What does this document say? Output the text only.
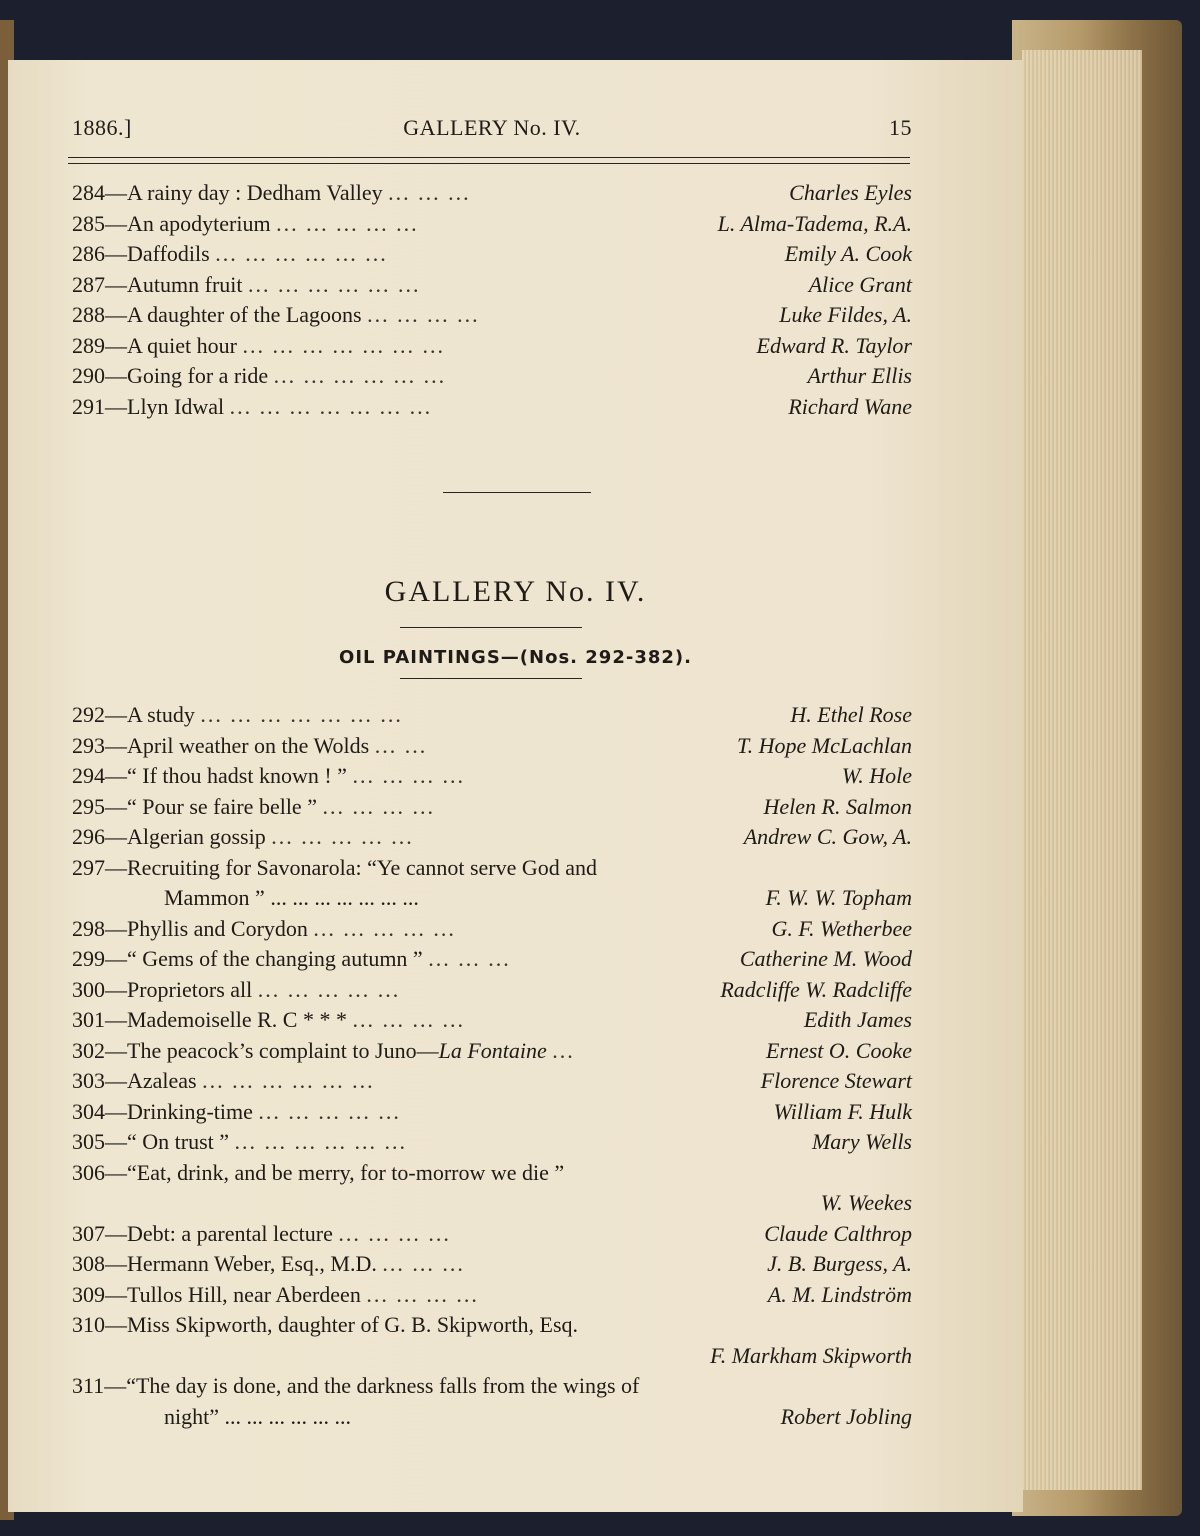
1886.]	GALLERY No. IV.	15
284—A rainy day : Dedham Valley ... ... ...	Charles Eyles
285—An apodyterium ... ... ... ... ...	L. Alma-Tadema, R.A.
286—Daffodils ... ... ... ... ... ...	Emily A. Cook
287—Autumn fruit ... ... ... ... ... ...	Alice Grant
288—A daughter of the Lagoons ... ... ... ...	Luke Fildes, A.
289—A quiet hour ... ... ... ... ... ... ...	Edward R. Taylor
290—Going for a ride ... ... ... ... ... ...	Arthur Ellis
291—Llyn Idwal ... ... ... ... ... ... ...	Richard Wane
GALLERY No. IV.
OIL PAINTINGS—(Nos. 292-382).
292—A study ... ... ... ... ... ... ...	H. Ethel Rose
293—April weather on the Wolds ... ...	T. Hope McLachlan
294—“ If thou hadst known ! ” ... ... ... ...	W. Hole
295—“ Pour se faire belle ” ... ... ... ...	Helen R. Salmon
296—Algerian gossip ... ... ... ... ...	Andrew C. Gow, A.
297—Recruiting for Savonarola: “Ye cannot serve God and
Mammon ” ... ... ... ... ... ... ...	F. W. W. Topham
298—Phyllis and Corydon ... ... ... ... ...	G. F. Wetherbee
299—“ Gems of the changing autumn ” ... ... ...	Catherine M. Wood
300—Proprietors all ... ... ... ... ...	Radcliffe W. Radcliffe
301—Mademoiselle R. C * * * ... ... ... ...	Edith James
302—The peacock’s complaint to Juno—La Fontaine ...	Ernest O. Cooke
303—Azaleas ... ... ... ... ... ...	Florence Stewart
304—Drinking-time ... ... ... ... ...	William F. Hulk
305—“ On trust ” ... ... ... ... ... ...	Mary Wells
306—“Eat, drink, and be merry, for to-morrow we die ”
W. Weekes
307—Debt: a parental lecture ... ... ... ...	Claude Calthrop
308—Hermann Weber, Esq., M.D. ... ... ...	J. B. Burgess, A.
309—Tullos Hill, near Aberdeen ... ... ... ...	A. M. Lindström
310—Miss Skipworth, daughter of G. B. Skipworth, Esq.
F. Markham Skipworth
311—“The day is done, and the darkness falls from the wings of
night” ... ... ... ... ... ...	Robert Jobling
